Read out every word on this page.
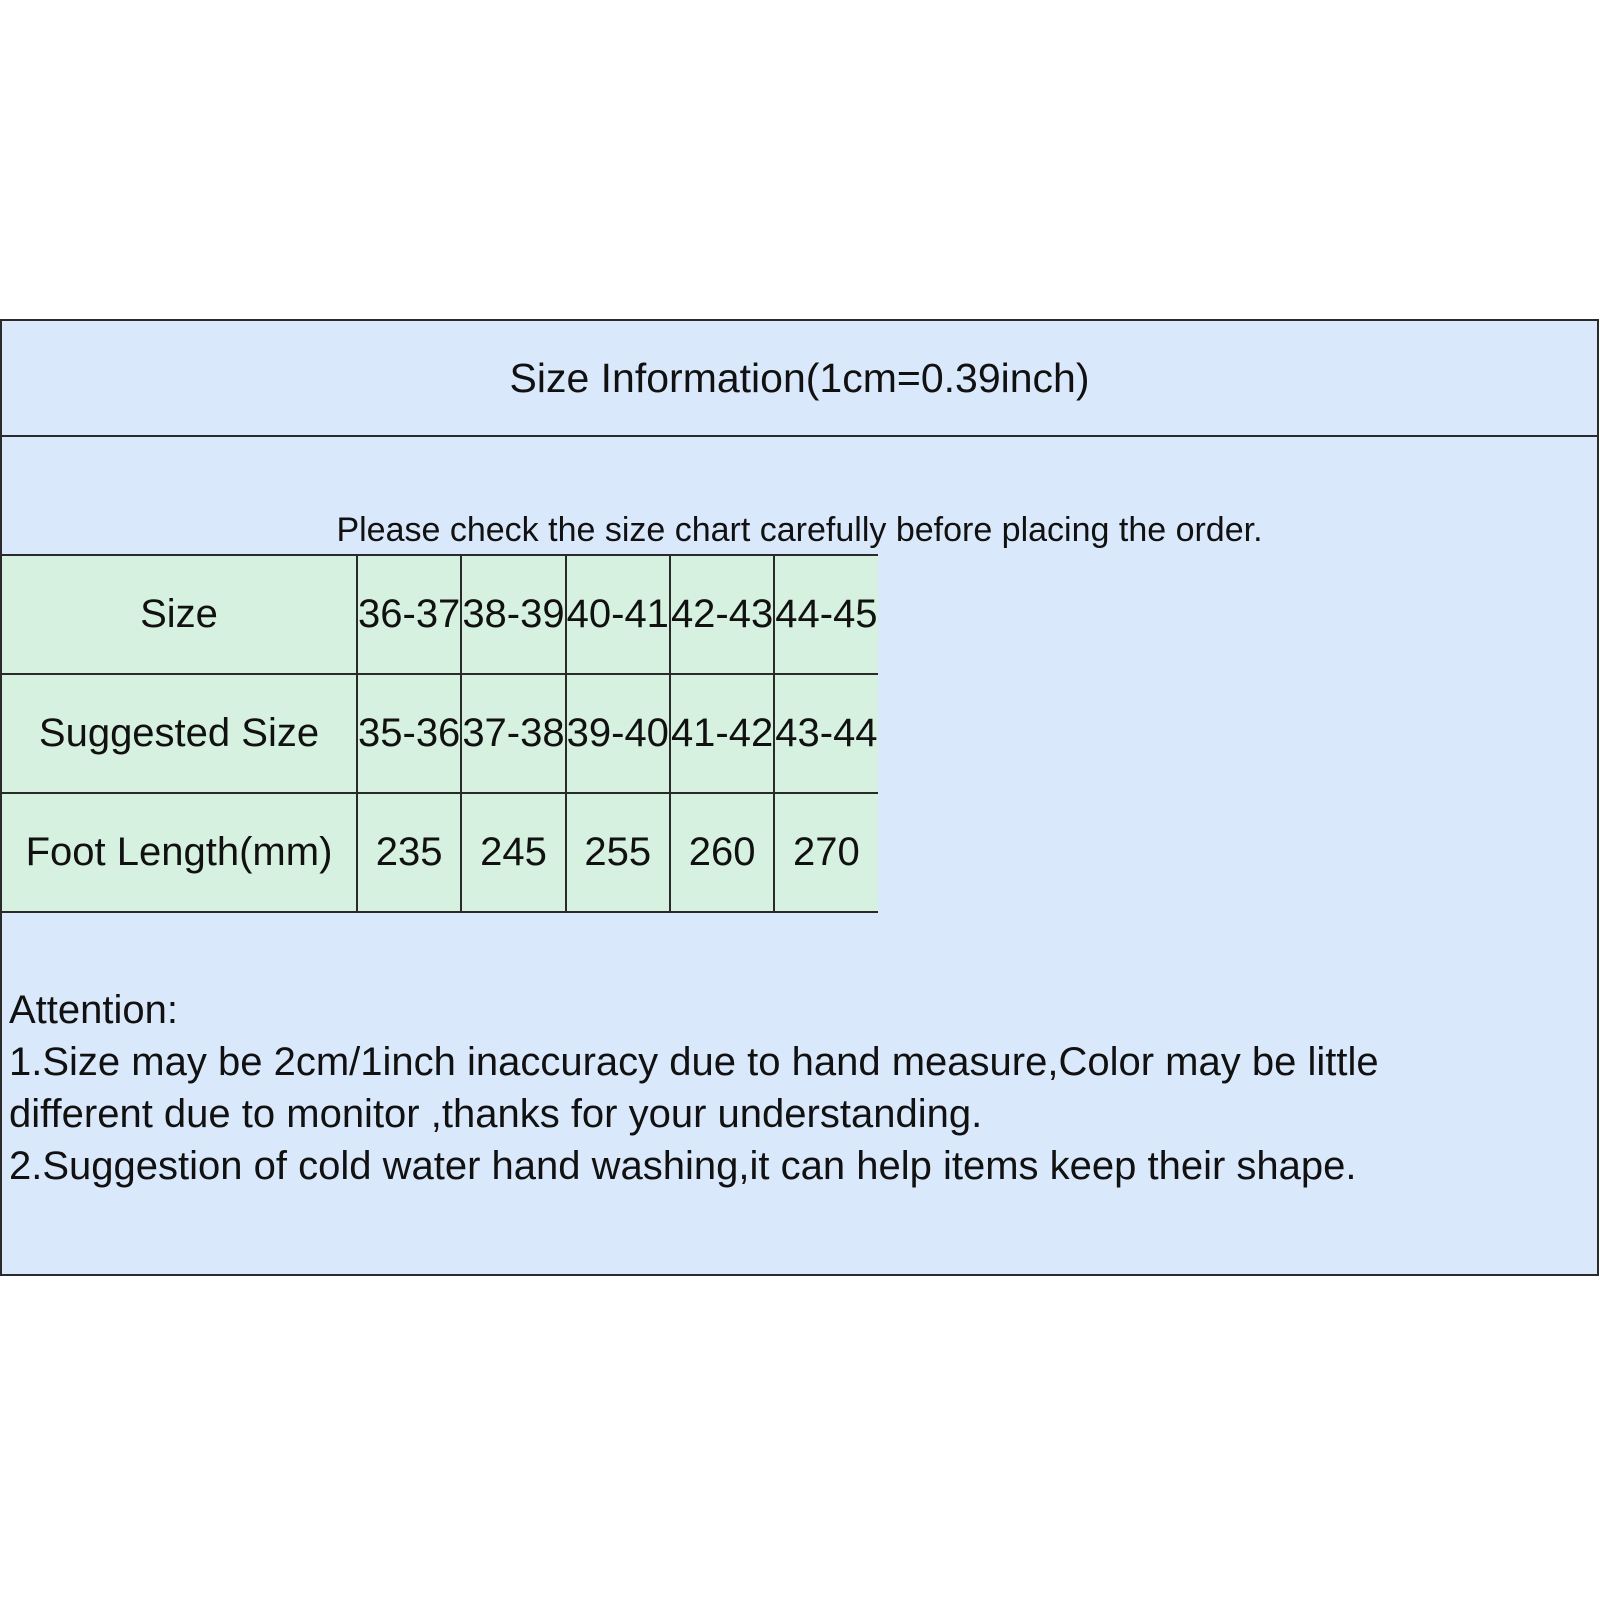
Size Information(1cm=0.39inch)
Please check the size chart carefully before placing the order.
Size	36-37	38-39	40-41	42-43	44-45
Suggested Size	35-36	37-38	39-40	41-42	43-44
Foot Length(mm)	235	245	255	260	270

Attention:

1.Size may be 2cm/1inch inaccuracy due to hand measure,Color may be little

different due to monitor ,thanks for your understanding.

2.Suggestion of cold water hand washing,it can help items keep their shape.
